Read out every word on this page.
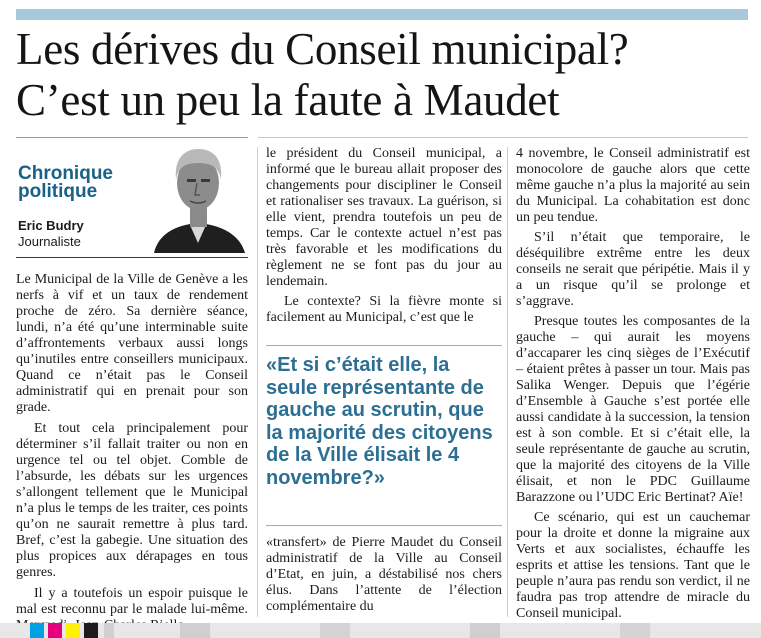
Les dérives du Conseil municipal?
C’est un peu la faute à Maudet
Chronique
politique
Eric Budry
Journaliste

Le Municipal de la Ville de Genève a les nerfs à vif et un taux de rendement proche de zéro. Sa dernière séance, lundi, n’a été qu’une interminable suite d’affrontements verbaux aussi longs qu’inutiles entre conseillers municipaux. Quand ce n’était pas le Conseil administratif qui en prenait pour son grade.

Et tout cela principalement pour déterminer s’il fallait traiter ou non en urgence tel ou tel objet. Comble de l’absurde, les débats sur les urgences s’allongent tellement que le Municipal n’a plus le temps de les traiter, ces points qu’on ne saurait remettre à plus tard. Bref, c’est la gabegie. Une situation des plus propices aux dérapages en tous genres.

Il y a toutefois un espoir puisque le mal est reconnu par le malade lui-même.

le président du Conseil municipal, a informé que le bureau allait proposer des changements pour discipliner le Conseil et rationaliser ses travaux. La guérison, si elle vient, prendra toutefois un peu de temps. Car le contexte actuel n’est pas très favorable et les modifications du règlement ne se font pas du jour au lendemain.

Le contexte? Si la fièvre monte si facilement au Municipal, c’est que le

«Et si c’était elle, la seule représentante de gauche au scrutin, que la majorité des citoyens de la Ville élisait le 4 novembre?»

«transfert» de Pierre Maudet du Conseil administratif de la Ville au Conseil d’Etat, en juin, a déstabilisé nos chers élus. Dans l’attente de l’élection complémentaire du

4 novembre, le Conseil administratif est monocolore de gauche alors que cette même gauche n’a plus la majorité au sein du Municipal. La cohabitation est donc un peu tendue.

S’il n’était que temporaire, le déséquilibre extrême entre les deux conseils ne serait que péripétie. Mais il y a un risque qu’il se prolonge et s’aggrave.

Presque toutes les composantes de la gauche – qui aurait les moyens d’accaparer les cinq sièges de l’Exécutif – étaient prêtes à passer un tour. Mais pas Salika Wenger. Depuis que l’égérie d’Ensemble à Gauche s’est portée elle aussi candidate à la succession, la tension est à son comble. Et si c’était elle, la seule représentante de gauche au scrutin, que la majorité des citoyens de la Ville élisait, et non le PDC Guillaume Barazzone ou l’UDC Eric Bertinat? Aïe!

Ce scénario, qui est un cauchemar pour la droite et donne la migraine aux Verts et aux socialistes, échauffe les esprits et attise les tensions. Tant que le peuple n’aura pas rendu son verdict, il ne faudra pas trop attendre de miracle du Conseil municipal.
